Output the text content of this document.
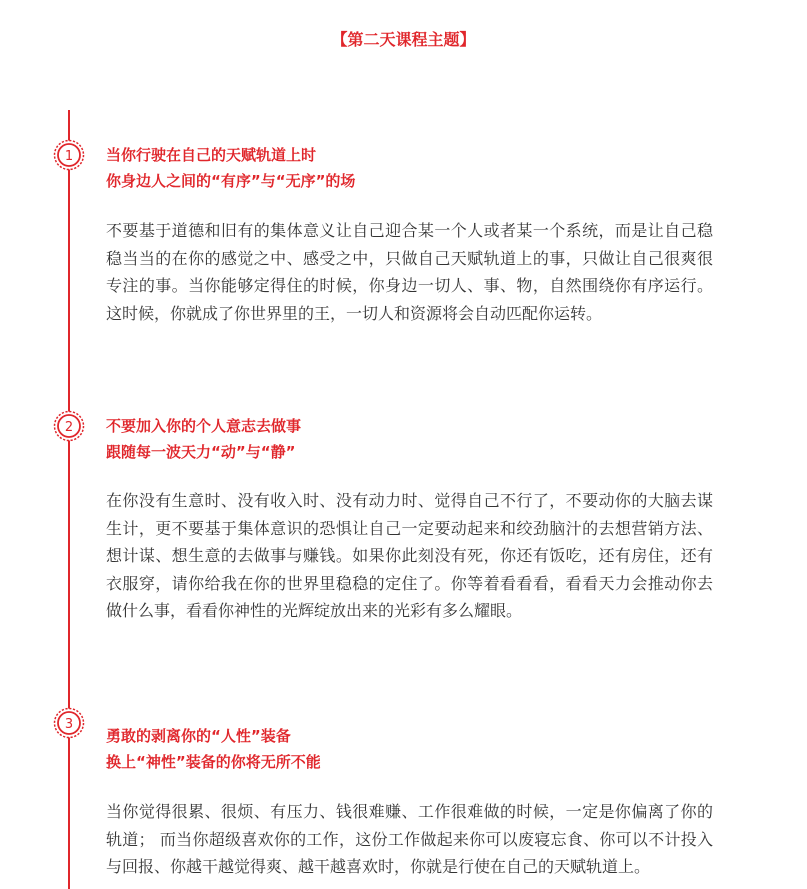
【第二天课程主题】
1 当你行驶在自己的天赋轨道上时
你身边人之间的“有序”与“无序”的场
不要基于道德和旧有的集体意义让自己迎合某一个人或者某一个系统，而是让自己稳稳当当的在你的感觉之中、感受之中，只做自己天赋轨道上的事，只做让自己很爽很专注的事。当你能够定得住的时候，你身边一切人、事、物，自然围绕你有序运行。这时候，你就成了你世界里的王，一切人和资源将会自动匹配你运转。
2 不要加入你的个人意志去做事
跟随每一波天力“动”与“静”
在你没有生意时、没有收入时、没有动力时、觉得自己不行了，不要动你的大脑去谋生计，更不要基于集体意识的恐惧让自己一定要动起来和绞劲脑汁的去想营销方法、想计谋、想生意的去做事与赚钱。如果你此刻没有死，你还有饭吃，还有房住，还有衣服穿，请你给我在你的世界里稳稳的定住了。你等着看看看，看看天力会推动你去做什么事，看看你神性的光辉绽放出来的光彩有多么耀眼。
3
勇敢的剥离你的“人性”装备
换上“神性”装备的你将无所不能
当你觉得很累、很烦、有压力、钱很难赚、工作很难做的时候，一定是你偏离了你的轨道； 而当你超级喜欢你的工作，这份工作做起来你可以废寝忘食、你可以不计投入与回报、你越干越觉得爽、越干越喜欢时，你就是行使在自己的天赋轨道上。
